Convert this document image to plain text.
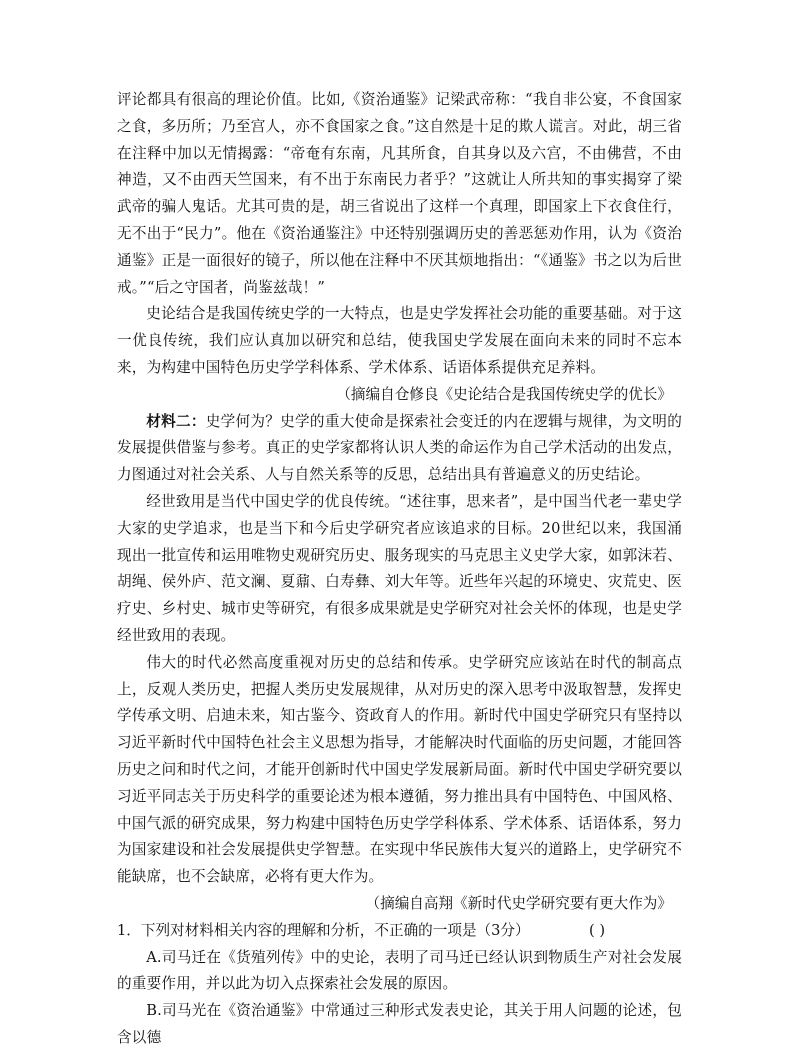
评论都具有很高的理论价值。比如,《资治通鉴》记梁武帝称：“我自非公宴，不食国家之食，多历所；乃至宫人，亦不食国家之食。”这自然是十足的欺人谎言。对此，胡三省在注释中加以无情揭露：“帝奄有东南，凡其所食，自其身以及六宫，不由佛营，不由神造，又不由西天竺国来，有不出于东南民力者乎？”这就让人所共知的事实揭穿了梁武帝的骗人鬼话。尤其可贵的是，胡三省说出了这样一个真理，即国家上下衣食住行，无不出于“民力”。他在《资治通鉴注》中还特别强调历史的善恶惩劝作用，认为《资治通鉴》正是一面很好的镜子，所以他在注释中不厌其烦地指出：“《通鉴》书之以为后世戒。”“后之守国者，尚鉴兹哉！”

史论结合是我国传统史学的一大特点，也是史学发挥社会功能的重要基础。对于这一优良传统，我们应认真加以研究和总结，使我国史学发展在面向未来的同时不忘本来，为构建中国特色历史学学科体系、学术体系、话语体系提供充足养料。

（摘编自仓修良《史论结合是我国传统史学的优长》

材料二：史学何为？史学的重大使命是探索社会变迁的内在逻辑与规律，为文明的发展提供借鉴与参考。真正的史学家都将认识人类的命运作为自己学术活动的出发点，力图通过对社会关系、人与自然关系等的反思，总结出具有普遍意义的历史结论。

经世致用是当代中国史学的优良传统。“述往事，思来者”，是中国当代老一辈史学大家的史学追求，也是当下和今后史学研究者应该追求的目标。20世纪以来，我国涌现出一批宣传和运用唯物史观研究历史、服务现实的马克思主义史学大家，如郭沫若、胡绳、侯外庐、范文澜、夏鼐、白寿彝、刘大年等。近些年兴起的环境史、灾荒史、医疗史、乡村史、城市史等研究，有很多成果就是史学研究对社会关怀的体现，也是史学经世致用的表现。

伟大的时代必然高度重视对历史的总结和传承。史学研究应该站在时代的制高点上，反观人类历史，把握人类历史发展规律，从对历史的深入思考中汲取智慧，发挥史学传承文明、启迪未来，知古鉴今、资政育人的作用。新时代中国史学研究只有坚持以习近平新时代中国特色社会主义思想为指导，才能解决时代面临的历史问题，才能回答历史之问和时代之问，才能开创新时代中国史学发展新局面。新时代中国史学研究要以习近平同志关于历史科学的重要论述为根本遵循，努力推出具有中国特色、中国风格、中国气派的研究成果，努力构建中国特色历史学学科体系、学术体系、话语体系，努力为国家建设和社会发展提供史学智慧。在实现中华民族伟大复兴的道路上，史学研究不能缺席，也不会缺席，必将有更大作为。

（摘编自高翔《新时代史学研究要有更大作为》

1．下列对材料相关内容的理解和分析，不正确的一项是（3分）	( )

A.司马迁在《货殖列传》中的史论，表明了司马迁已经认识到物质生产对社会发展的重要作用，并以此为切入点探索社会发展的原因。

B.司马光在《资治通鉴》中常通过三种形式发表史论，其关于用人问题的论述，包含以德
